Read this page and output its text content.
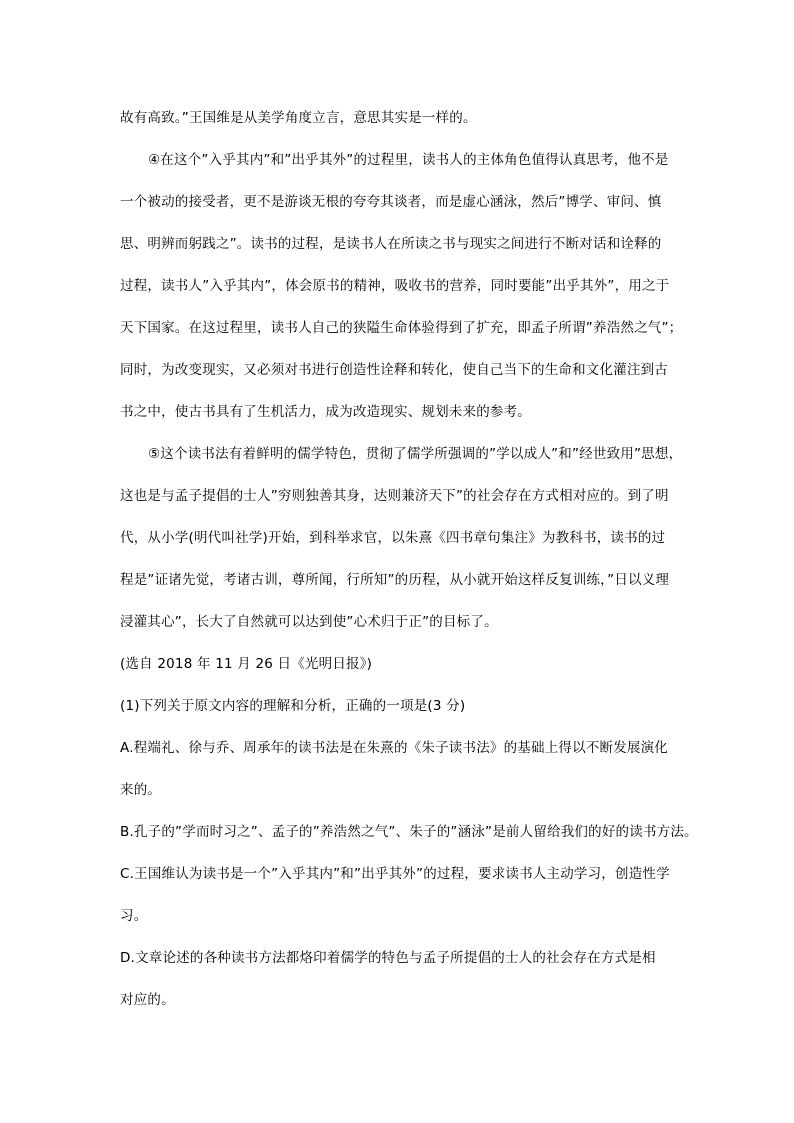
故有高致。”王国维是从美学角度立言，意思其实是一样的。
④在这个”入乎其内”和”出乎其外”的过程里，读书人的主体角色值得认真思考，他不是
一个被动的接受者，更不是游谈无根的夸夸其谈者，而是虚心涵泳，然后”博学、审问、慎
思、明辨而躬践之”。读书的过程，是读书人在所读之书与现实之间进行不断对话和诠释的
过程，读书人”入乎其内”，体会原书的精神，吸收书的营养，同时要能”出乎其外”，用之于
天下国家。在这过程里，读书人自己的狭隘生命体验得到了扩充，即孟子所谓”养浩然之气”；
同时，为改变现实，又必须对书进行创造性诠释和转化，使自己当下的生命和文化灌注到古
书之中，使古书具有了生机活力，成为改造现实、规划未来的参考。
⑤这个读书法有着鲜明的儒学特色，贯彻了儒学所强调的”学以成人”和”经世致用”思想，
这也是与孟子提倡的士人”穷则独善其身，达则兼济天下”的社会存在方式相对应的。到了明
代，从小学(明代叫社学)开始，到科举求官，以朱熹《四书章句集注》为教科书，读书的过
程是”证诸先觉，考诸古训，尊所闻，行所知”的历程，从小就开始这样反复训练，”日以义理
浸灌其心”，长大了自然就可以达到使”心术归于正”的目标了。
(选自 2018 年 11 月 26 日《光明日报》)
(1)下列关于原文内容的理解和分析，正确的一项是(3 分)
A.程端礼、徐与乔、周承年的读书法是在朱熹的《朱子读书法》的基础上得以不断发展演化
来的。
B.孔子的”学而时习之”、孟子的”养浩然之气”、朱子的”涵泳”是前人留给我们的好的读书方法。
C.王国维认为读书是一个”入乎其内”和”出乎其外”的过程，要求读书人主动学习，创造性学
习。
D.文章论述的各种读书方法都烙印着儒学的特色与孟子所提倡的士人的社会存在方式是相
对应的。
